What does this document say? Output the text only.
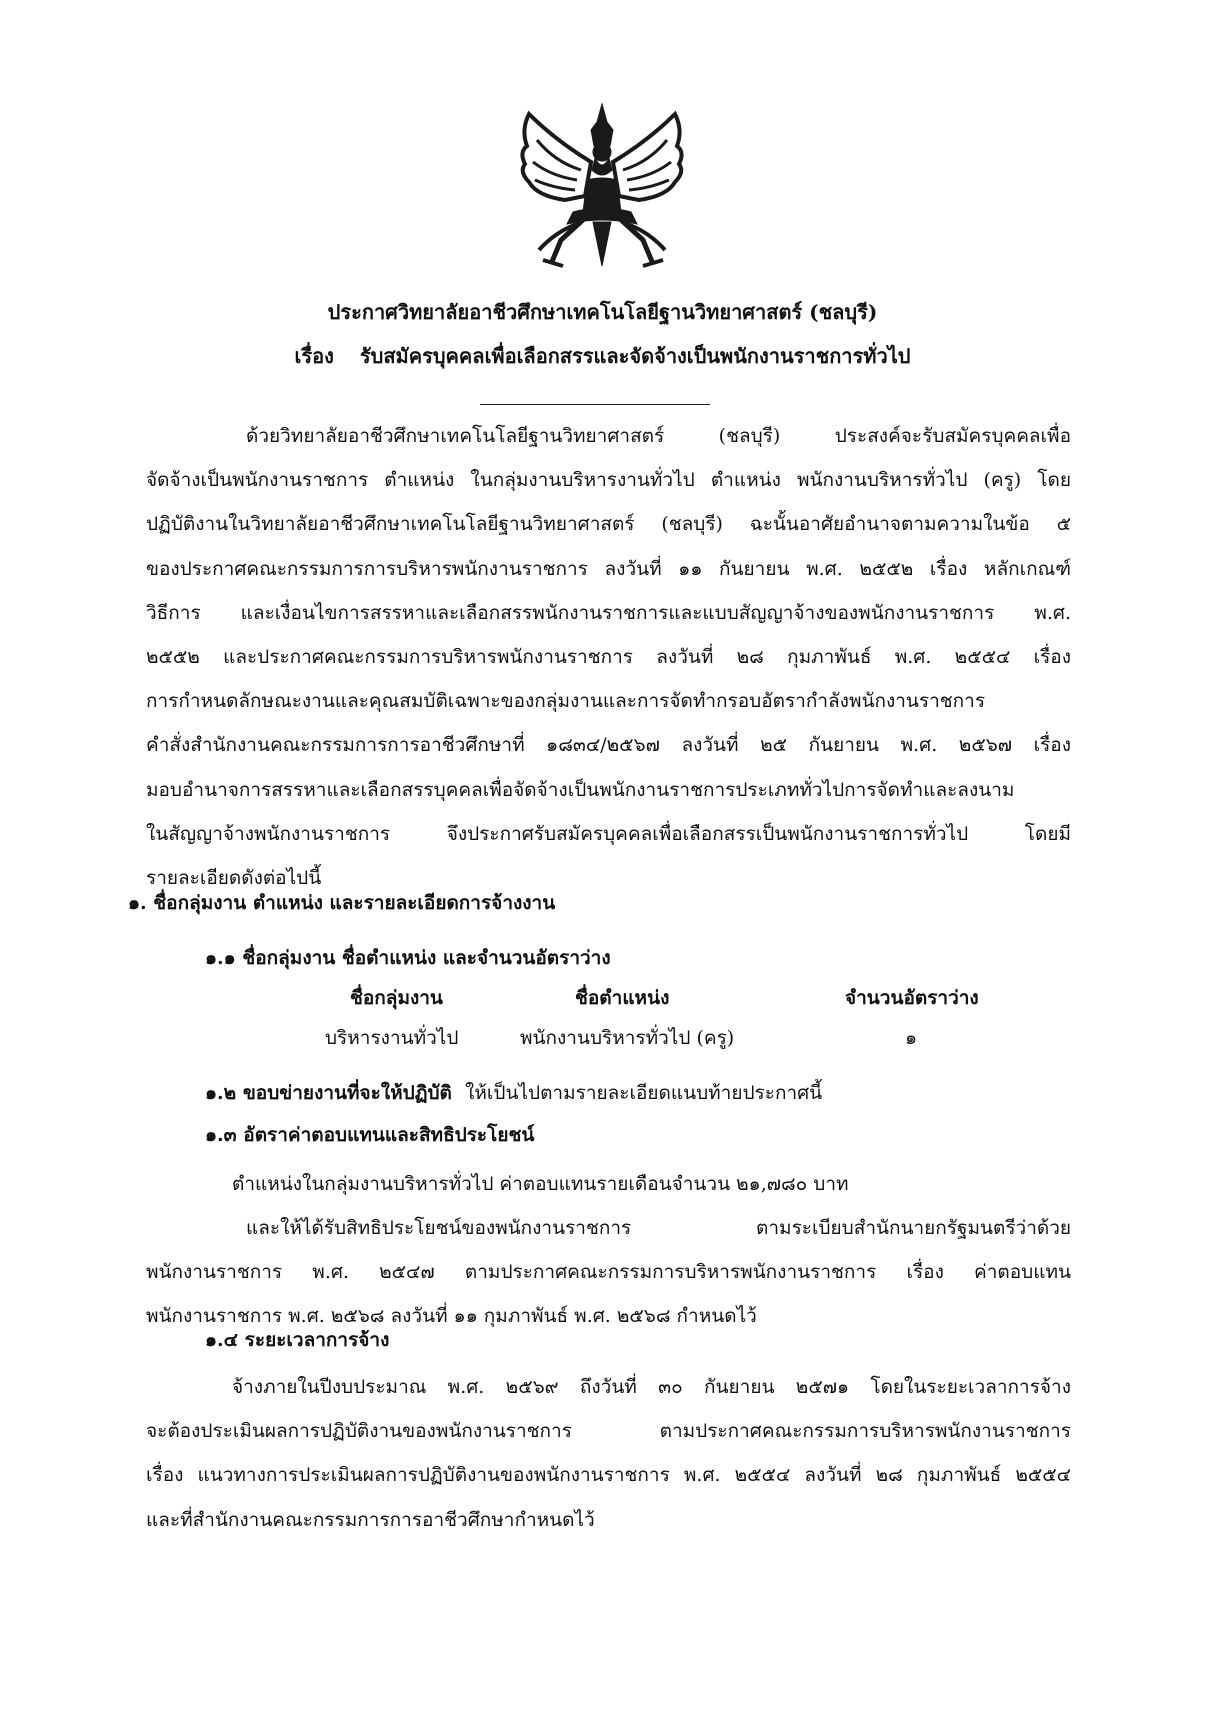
ประกาศวิทยาลัยอาชีวศึกษาเทคโนโลยีฐานวิทยาศาสตร์ (ชลบุรี)
เรื่อง รับสมัครบุคคลเพื่อเลือกสรรและจัดจ้างเป็นพนักงานราชการทั่วไป
ด้วยวิทยาลัยอาชีวศึกษาเทคโนโลยีฐานวิทยาศาสตร์ (ชลบุรี) ประสงค์จะรับสมัครบุคคลเพื่อ
จัดจ้างเป็นพนักงานราชการ ตำแหน่ง ในกลุ่มงานบริหารงานทั่วไป ตำแหน่ง พนักงานบริหารทั่วไป (ครู) โดย
ปฏิบัติงานในวิทยาลัยอาชีวศึกษาเทคโนโลยีฐานวิทยาศาสตร์ (ชลบุรี) ฉะนั้นอาศัยอำนาจตามความในข้อ ๕
ของประกาศคณะกรรมการการบริหารพนักงานราชการ ลงวันที่ ๑๑ กันยายน พ.ศ. ๒๕๕๒ เรื่อง หลักเกณฑ์
วิธีการ และเงื่อนไขการสรรหาและเลือกสรรพนักงานราชการและแบบสัญญาจ้างของพนักงานราชการ พ.ศ.
๒๕๕๒ และประกาศคณะกรรมการบริหารพนักงานราชการ ลงวันที่ ๒๘ กุมภาพันธ์ พ.ศ. ๒๕๕๔ เรื่อง
การกำหนดลักษณะงานและคุณสมบัติเฉพาะของกลุ่มงานและการจัดทำกรอบอัตรากำลังพนักงานราชการ
คำสั่งสำนักงานคณะกรรมการการอาชีวศึกษาที่ ๑๘๓๔/๒๕๖๗ ลงวันที่ ๒๕ กันยายน พ.ศ. ๒๕๖๗ เรื่อง
มอบอำนาจการสรรหาและเลือกสรรบุคคลเพื่อจัดจ้างเป็นพนักงานราชการประเภททั่วไปการจัดทำและลงนาม
ในสัญญาจ้างพนักงานราชการ จึงประกาศรับสมัครบุคคลเพื่อเลือกสรรเป็นพนักงานราชการทั่วไป โดยมี
รายละเอียดดังต่อไปนี้
๑. ชื่อกลุ่มงาน ตำแหน่ง และรายละเอียดการจ้างงาน
๑.๑ ชื่อกลุ่มงาน ชื่อตำแหน่ง และจำนวนอัตราว่าง
ชื่อกลุ่มงาน	ชื่อตำแหน่ง	จำนวนอัตราว่าง
บริหารงานทั่วไป	พนักงานบริหารทั่วไป (ครู)	๑
๑.๒ ขอบข่ายงานที่จะให้ปฏิบัติ ให้เป็นไปตามรายละเอียดแนบท้ายประกาศนี้
๑.๓ อัตราค่าตอบแทนและสิทธิประโยชน์
ตำแหน่งในกลุ่มงานบริหารทั่วไป ค่าตอบแทนรายเดือนจำนวน ๒๑,๗๘๐ บาท
และให้ได้รับสิทธิประโยชน์ของพนักงานราชการ ตามระเบียบสำนักนายกรัฐมนตรีว่าด้วย
พนักงานราชการ พ.ศ. ๒๕๔๗ ตามประกาศคณะกรรมการบริหารพนักงานราชการ เรื่อง ค่าตอบแทน
พนักงานราชการ พ.ศ. ๒๕๖๘ ลงวันที่ ๑๑ กุมภาพันธ์ พ.ศ. ๒๕๖๘ กำหนดไว้
๑.๔ ระยะเวลาการจ้าง
จ้างภายในปีงบประมาณ พ.ศ. ๒๕๖๙ ถึงวันที่ ๓๐ กันยายน ๒๕๗๑ โดยในระยะเวลาการจ้าง
จะต้องประเมินผลการปฏิบัติงานของพนักงานราชการ ตามประกาศคณะกรรมการบริหารพนักงานราชการ
เรื่อง แนวทางการประเมินผลการปฏิบัติงานของพนักงานราชการ พ.ศ. ๒๕๕๔ ลงวันที่ ๒๘ กุมภาพันธ์ ๒๕๕๔
และที่สำนักงานคณะกรรมการการอาชีวศึกษากำหนดไว้
